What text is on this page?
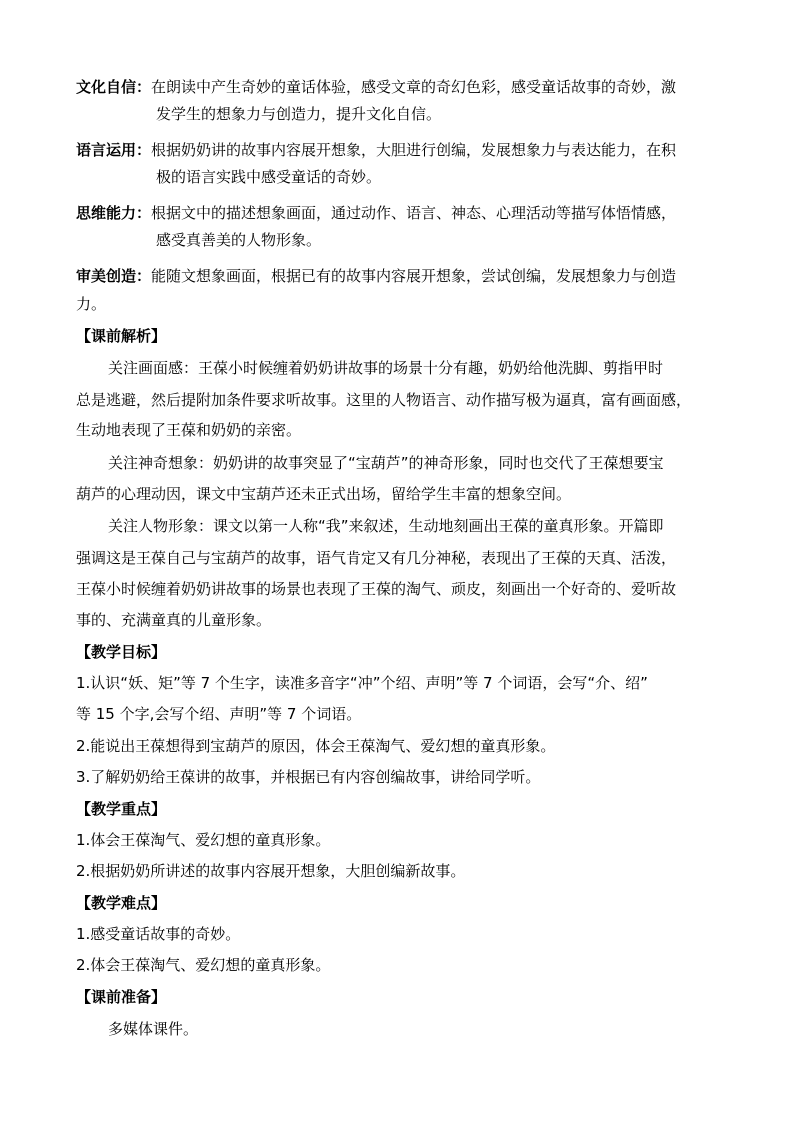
文化自信：在朗读中产生奇妙的童话体验，感受文章的奇幻色彩，感受童话故事的奇妙，激
发学生的想象力与创造力，提升文化自信。
语言运用：根据奶奶讲的故事内容展开想象，大胆进行创编，发展想象力与表达能力，在积
极的语言实践中感受童话的奇妙。
思维能力：根据文中的描述想象画面，通过动作、语言、神态、心理活动等描写体悟情感，
感受真善美的人物形象。
审美创造：能随文想象画面，根据已有的故事内容展开想象，尝试创编，发展想象力与创造
力。
【课前解析】
关注画面感：王葆小时候缠着奶奶讲故事的场景十分有趣，奶奶给他洗脚、剪指甲时
总是逃避，然后提附加条件要求听故事。这里的人物语言、动作描写极为逼真，富有画面感，
生动地表现了王葆和奶奶的亲密。
关注神奇想象：奶奶讲的故事突显了“宝葫芦”的神奇形象，同时也交代了王葆想要宝
葫芦的心理动因，课文中宝葫芦还未正式出场，留给学生丰富的想象空间。
关注人物形象：课文以第一人称“我”来叙述，生动地刻画出王葆的童真形象。开篇即
强调这是王葆自己与宝葫芦的故事，语气肯定又有几分神秘，表现出了王葆的天真、活泼，
王葆小时候缠着奶奶讲故事的场景也表现了王葆的淘气、顽皮，刻画出一个好奇的、爱听故
事的、充满童真的儿童形象。
【教学目标】
1.认识“妖、矩”等 7 个生字，读准多音字“冲”个绍、声明”等 7 个词语，会写“介、绍”
等 15 个字,会写个绍、声明”等 7 个词语。
2.能说出王葆想得到宝葫芦的原因，体会王葆淘气、爱幻想的童真形象。
3.了解奶奶给王葆讲的故事，并根据已有内容创编故事，讲给同学听。
【教学重点】
1.体会王葆淘气、爱幻想的童真形象。
2.根据奶奶所讲述的故事内容展开想象，大胆创编新故事。
【教学难点】
1.感受童话故事的奇妙。
2.体会王葆淘气、爱幻想的童真形象。
【课前准备】
多媒体课件。
